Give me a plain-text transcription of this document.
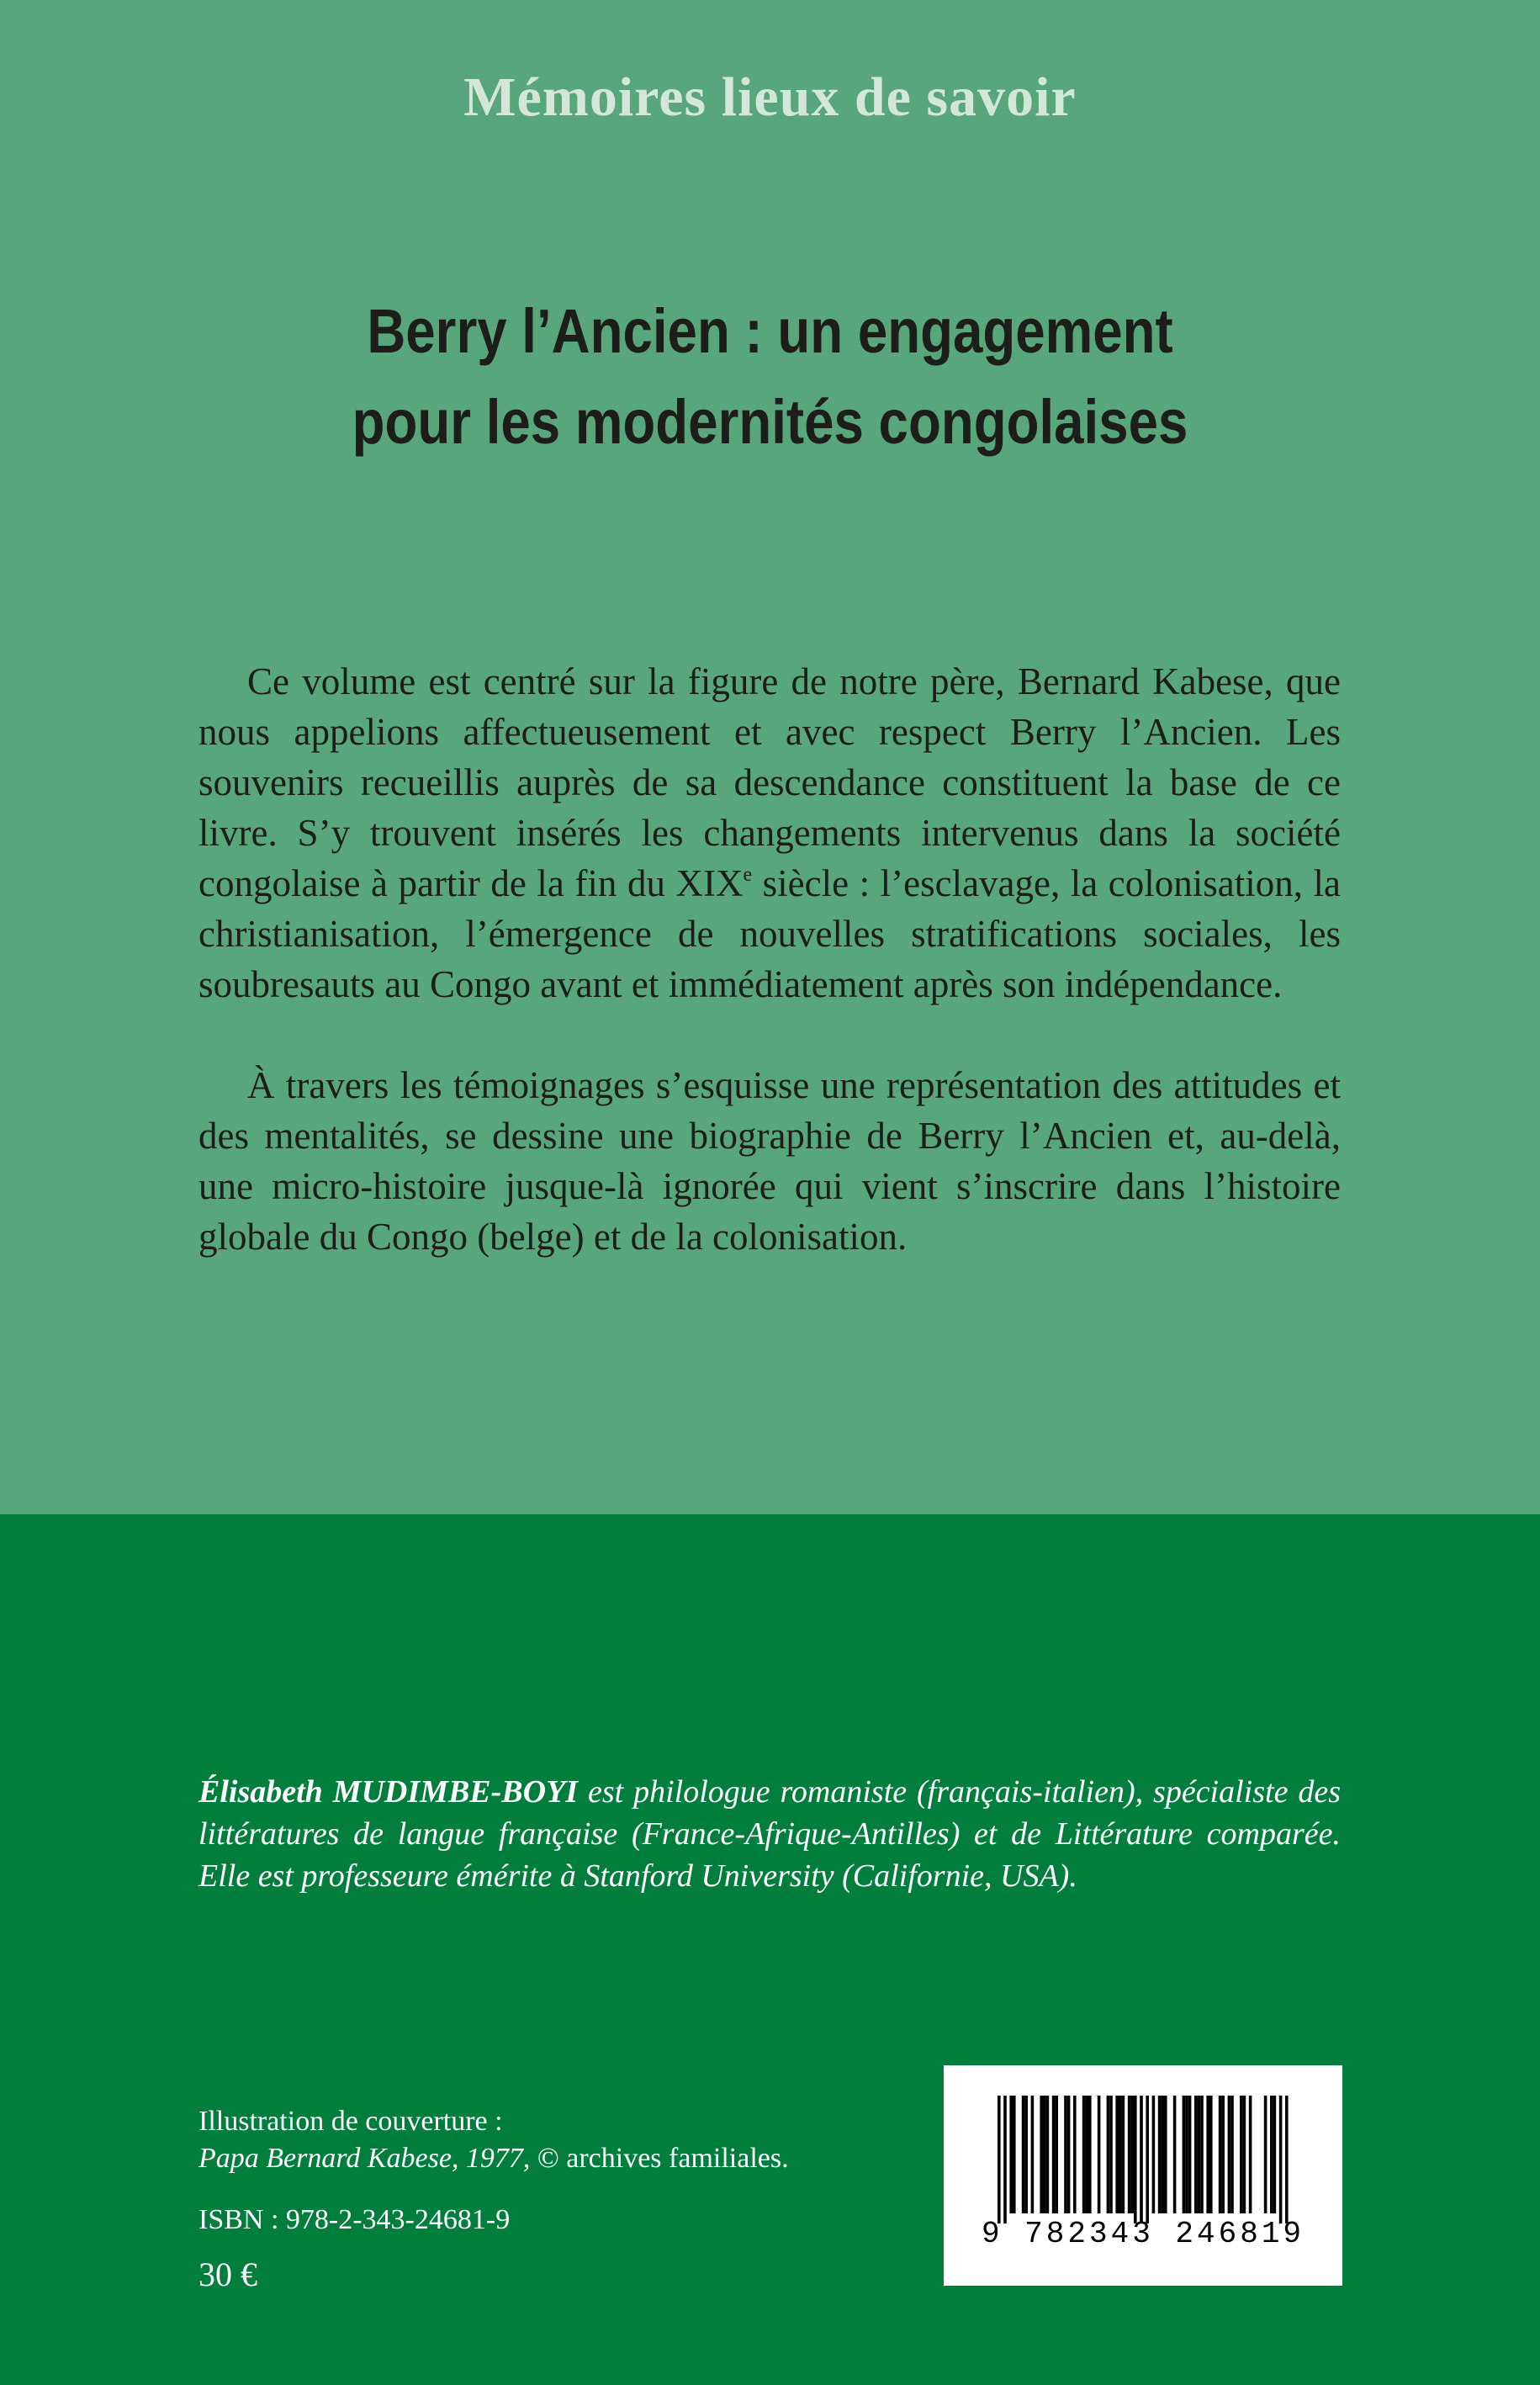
Mémoires lieux de savoir
Berry l’Ancien : un engagement
pour les modernités congolaises

Ce volume est centré sur la figure de notre père, Bernard Kabese, que nous appelions affectueusement et avec respect Berry l’Ancien. Les souvenirs recueillis auprès de sa descendance constituent la base de ce livre. S’y trouvent insérés les changements intervenus dans la société congolaise à partir de la fin du XIXe siècle : l’esclavage, la colonisation, la christianisation, l’émergence de nouvelles stratifications sociales, les soubresauts au Congo avant et immédiatement après son indépendance.

À travers les témoignages s’esquisse une représentation des attitudes et des mentalités, se dessine une biographie de Berry l’Ancien et, au-delà, une micro-histoire jusque-là ignorée qui vient s’inscrire dans l’histoire globale du Congo (belge) et de la colonisation.

Élisabeth MUDIMBE-BOYI est philologue romaniste (français-italien), spécialiste des littératures de langue française (France-Afrique-Antilles) et de Littérature comparée. Elle est professeure émérite à Stanford University (Californie, USA).
Illustration de couverture :
Papa Bernard Kabese, 1977, © archives familiales.
ISBN : 978-2-343-24681-9
30 €
9 782343 246819
